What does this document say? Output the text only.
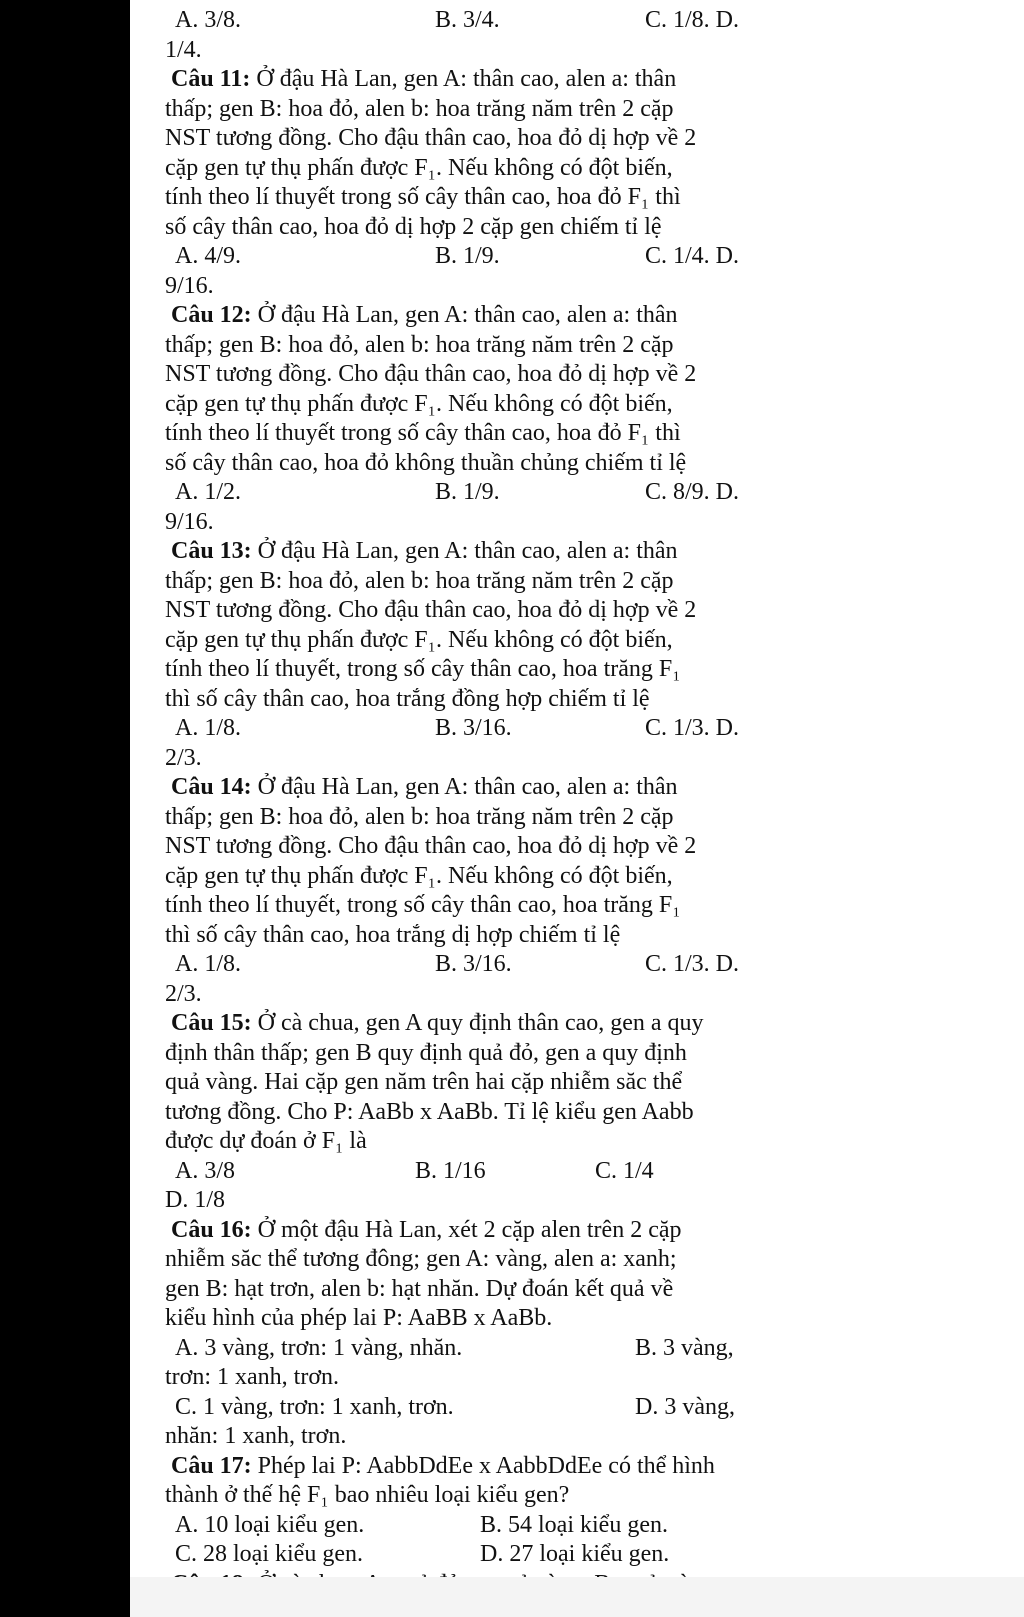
A. 3/8.	B. 3/4.	C. 1/8. D.
1/4.
Câu 11:
Ở đậu Hà Lan, gen A: thân cao, alen a: thân
thấp; gen B: hoa đỏ, alen b: hoa trăng năm trên 2 cặp
NST tương đồng. Cho đậu thân cao, hoa đỏ dị hợp về 2
cặp gen tự thụ phấn được F₁. Nếu không có đột biến,
tính theo lí thuyết trong số cây thân cao, hoa đỏ F₁ thì
số cây thân cao, hoa đỏ dị hợp 2 cặp gen chiếm tỉ lệ
A. 4/9.	B. 1/9.	C. 1/4. D.
9/16.
Câu 12:
Ở đậu Hà Lan, gen A: thân cao, alen a: thân
thấp; gen B: hoa đỏ, alen b: hoa trăng năm trên 2 cặp
NST tương đồng. Cho đậu thân cao, hoa đỏ dị hợp về 2
cặp gen tự thụ phấn được F₁. Nếu không có đột biến,
tính theo lí thuyết trong số cây thân cao, hoa đỏ F₁ thì
số cây thân cao, hoa đỏ không thuần chủng chiếm tỉ lệ
A. 1/2.	B. 1/9.	C. 8/9. D.
9/16.
Câu 13:
Ở đậu Hà Lan, gen A: thân cao, alen a: thân
thấp; gen B: hoa đỏ, alen b: hoa trăng năm trên 2 cặp
NST tương đồng. Cho đậu thân cao, hoa đỏ dị hợp về 2
cặp gen tự thụ phấn được F₁. Nếu không có đột biến,
tính theo lí thuyết, trong số cây thân cao, hoa trăng F₁
thì số cây thân cao, hoa trắng đồng hợp chiếm tỉ lệ
A. 1/8.	B. 3/16.	C. 1/3. D.
2/3.
Câu 14:
Ở đậu Hà Lan, gen A: thân cao, alen a: thân
thấp; gen B: hoa đỏ, alen b: hoa trăng năm trên 2 cặp
NST tương đồng. Cho đậu thân cao, hoa đỏ dị hợp về 2
cặp gen tự thụ phấn được F₁. Nếu không có đột biến,
tính theo lí thuyết, trong số cây thân cao, hoa trăng F₁
thì số cây thân cao, hoa trắng dị hợp chiếm tỉ lệ
A. 1/8.	B. 3/16.	C. 1/3. D.
2/3.
Câu 15:
Ở cà chua, gen A quy định thân cao, gen a quy
định thân thấp; gen B quy định quả đỏ, gen a quy định
quả vàng. Hai cặp gen năm trên hai cặp nhiễm săc thể
tương đồng. Cho P: AaBb x AaBb. Tỉ lệ kiểu gen Aabb
được dự đoán ở F₁ là
A. 3/8	B. 1/16	C. 1/4
D. 1/8
Câu 16:
Ở một đậu Hà Lan, xét 2 cặp alen trên 2 cặp
nhiễm săc thể tương đông; gen A: vàng, alen a: xanh;
gen B: hạt trơn, alen b: hạt nhăn. Dự đoán kết quả về
kiểu hình của phép lai P: AaBB x AaBb.
A. 3 vàng, trơn: 1 vàng, nhăn.	B. 3 vàng,
trơn: 1 xanh, trơn.
C. 1 vàng, trơn: 1 xanh, trơn.	D. 3 vàng,
nhăn: 1 xanh, trơn.
Câu 17:
Phép lai P: AabbDdEe x AabbDdEe có thể hình
thành ở thế hệ F₁ bao nhiêu loại kiểu gen?
A. 10 loại kiểu gen.	B. 54 loại kiểu gen.
C. 28 loại kiểu gen.	D. 27 loại kiểu gen.
